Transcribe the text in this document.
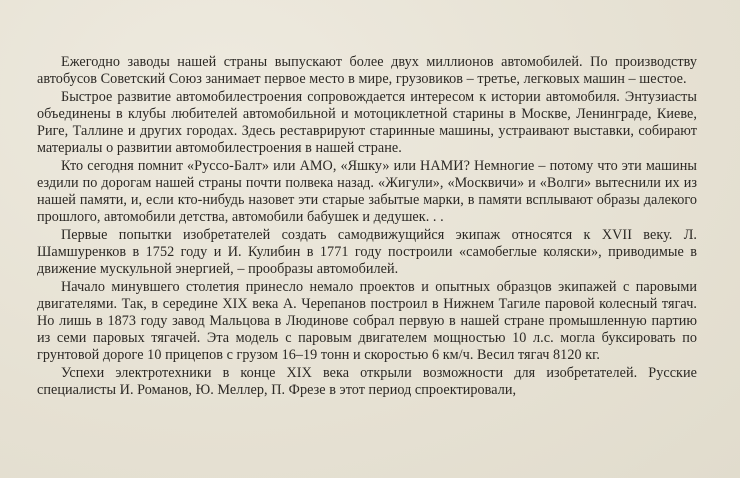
Ежегодно заводы нашей страны выпускают более двух миллионов автомобилей. По производству автобусов Советский Союз занимает первое место в мире, грузовиков – третье, легковых машин – шестое.

Быстрое развитие автомобилестроения сопровождается интересом к истории автомобиля. Энтузиасты объединены в клубы любителей автомобильной и мотоциклетной старины в Москве, Ленинграде, Киеве, Риге, Таллине и других городах. Здесь реставрируют старинные машины, устраивают выставки, собирают материалы о развитии автомобилестроения в нашей стране.

Кто сегодня помнит «Руссо-Балт» или АМО, «Яшку» или НАМИ? Немногие – потому что эти машины ездили по дорогам нашей страны почти полвека назад. «Жигули», «Москвичи» и «Волги» вытеснили их из нашей памяти, и, если кто-нибудь назовет эти старые забытые марки, в памяти всплывают образы далекого прошлого, автомобили детства, автомобили бабушек и дедушек. . .

Первые попытки изобретателей создать самодвижущийся экипаж относятся к XVII веку. Л. Шамшуренков в 1752 году и И. Кулибин в 1771 году построили «самобеглые коляски», приводимые в движение мускульной энергией, – прообразы автомобилей.

Начало минувшего столетия принесло немало проектов и опытных образцов экипажей с паровыми двигателями. Так, в середине XIX века А. Черепанов построил в Нижнем Тагиле паровой колесный тягач. Но лишь в 1873 году завод Мальцова в Людинове собрал первую в нашей стране промышленную партию из семи паровых тягачей. Эта модель с паровым двигателем мощностью 10 л.с. могла буксировать по грунтовой дороге 10 прицепов с грузом 16–19 тонн и скоростью 6 км/ч. Весил тягач 8120 кг.

Успехи электротехники в конце XIX века открыли возможности для изобретателей. Русские специалисты И. Романов, Ю. Меллер, П. Фрезе в этот период спроектировали,
